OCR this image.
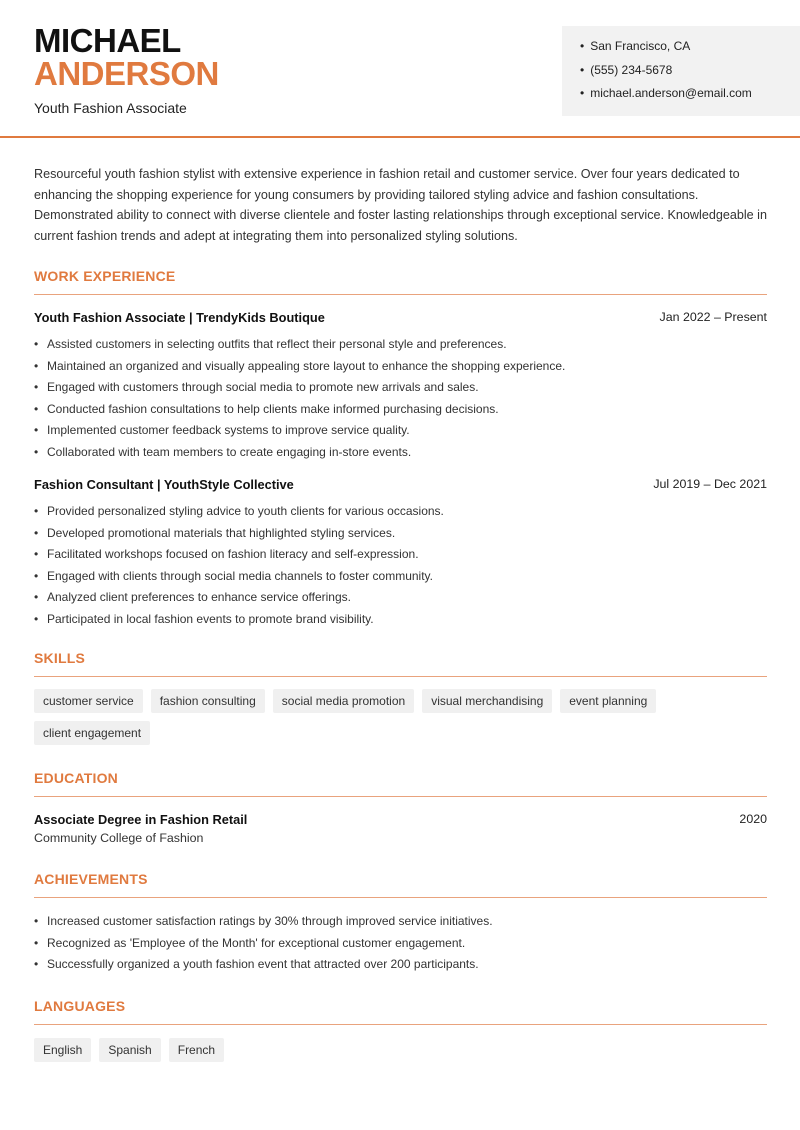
MICHAEL
ANDERSON
Youth Fashion Associate
• San Francisco, CA
• (555) 234-5678
• michael.anderson@email.com

Resourceful youth fashion stylist with extensive experience in fashion retail and customer service. Over four years dedicated to enhancing the shopping experience for young consumers by providing tailored styling advice and fashion consultations. Demonstrated ability to connect with diverse clientele and foster lasting relationships through exceptional service. Knowledgeable in current fashion trends and adept at integrating them into personalized styling solutions.

WORK EXPERIENCE
Youth Fashion Associate | TrendyKids Boutique	Jan 2022 – Present
• Assisted customers in selecting outfits that reflect their personal style and preferences.
• Maintained an organized and visually appealing store layout to enhance the shopping experience.
• Engaged with customers through social media to promote new arrivals and sales.
• Conducted fashion consultations to help clients make informed purchasing decisions.
• Implemented customer feedback systems to improve service quality.
• Collaborated with team members to create engaging in-store events.
Fashion Consultant | YouthStyle Collective	Jul 2019 – Dec 2021
• Provided personalized styling advice to youth clients for various occasions.
• Developed promotional materials that highlighted styling services.
• Facilitated workshops focused on fashion literacy and self-expression.
• Engaged with clients through social media channels to foster community.
• Analyzed client preferences to enhance service offerings.
• Participated in local fashion events to promote brand visibility.
SKILLS
customer service	fashion consulting	social media promotion	visual merchandising	event planning
client engagement
EDUCATION
Associate Degree in Fashion Retail	2020
Community College of Fashion
ACHIEVEMENTS
• Increased customer satisfaction ratings by 30% through improved service initiatives.
• Recognized as 'Employee of the Month' for exceptional customer engagement.
• Successfully organized a youth fashion event that attracted over 200 participants.
LANGUAGES
English	Spanish	French
